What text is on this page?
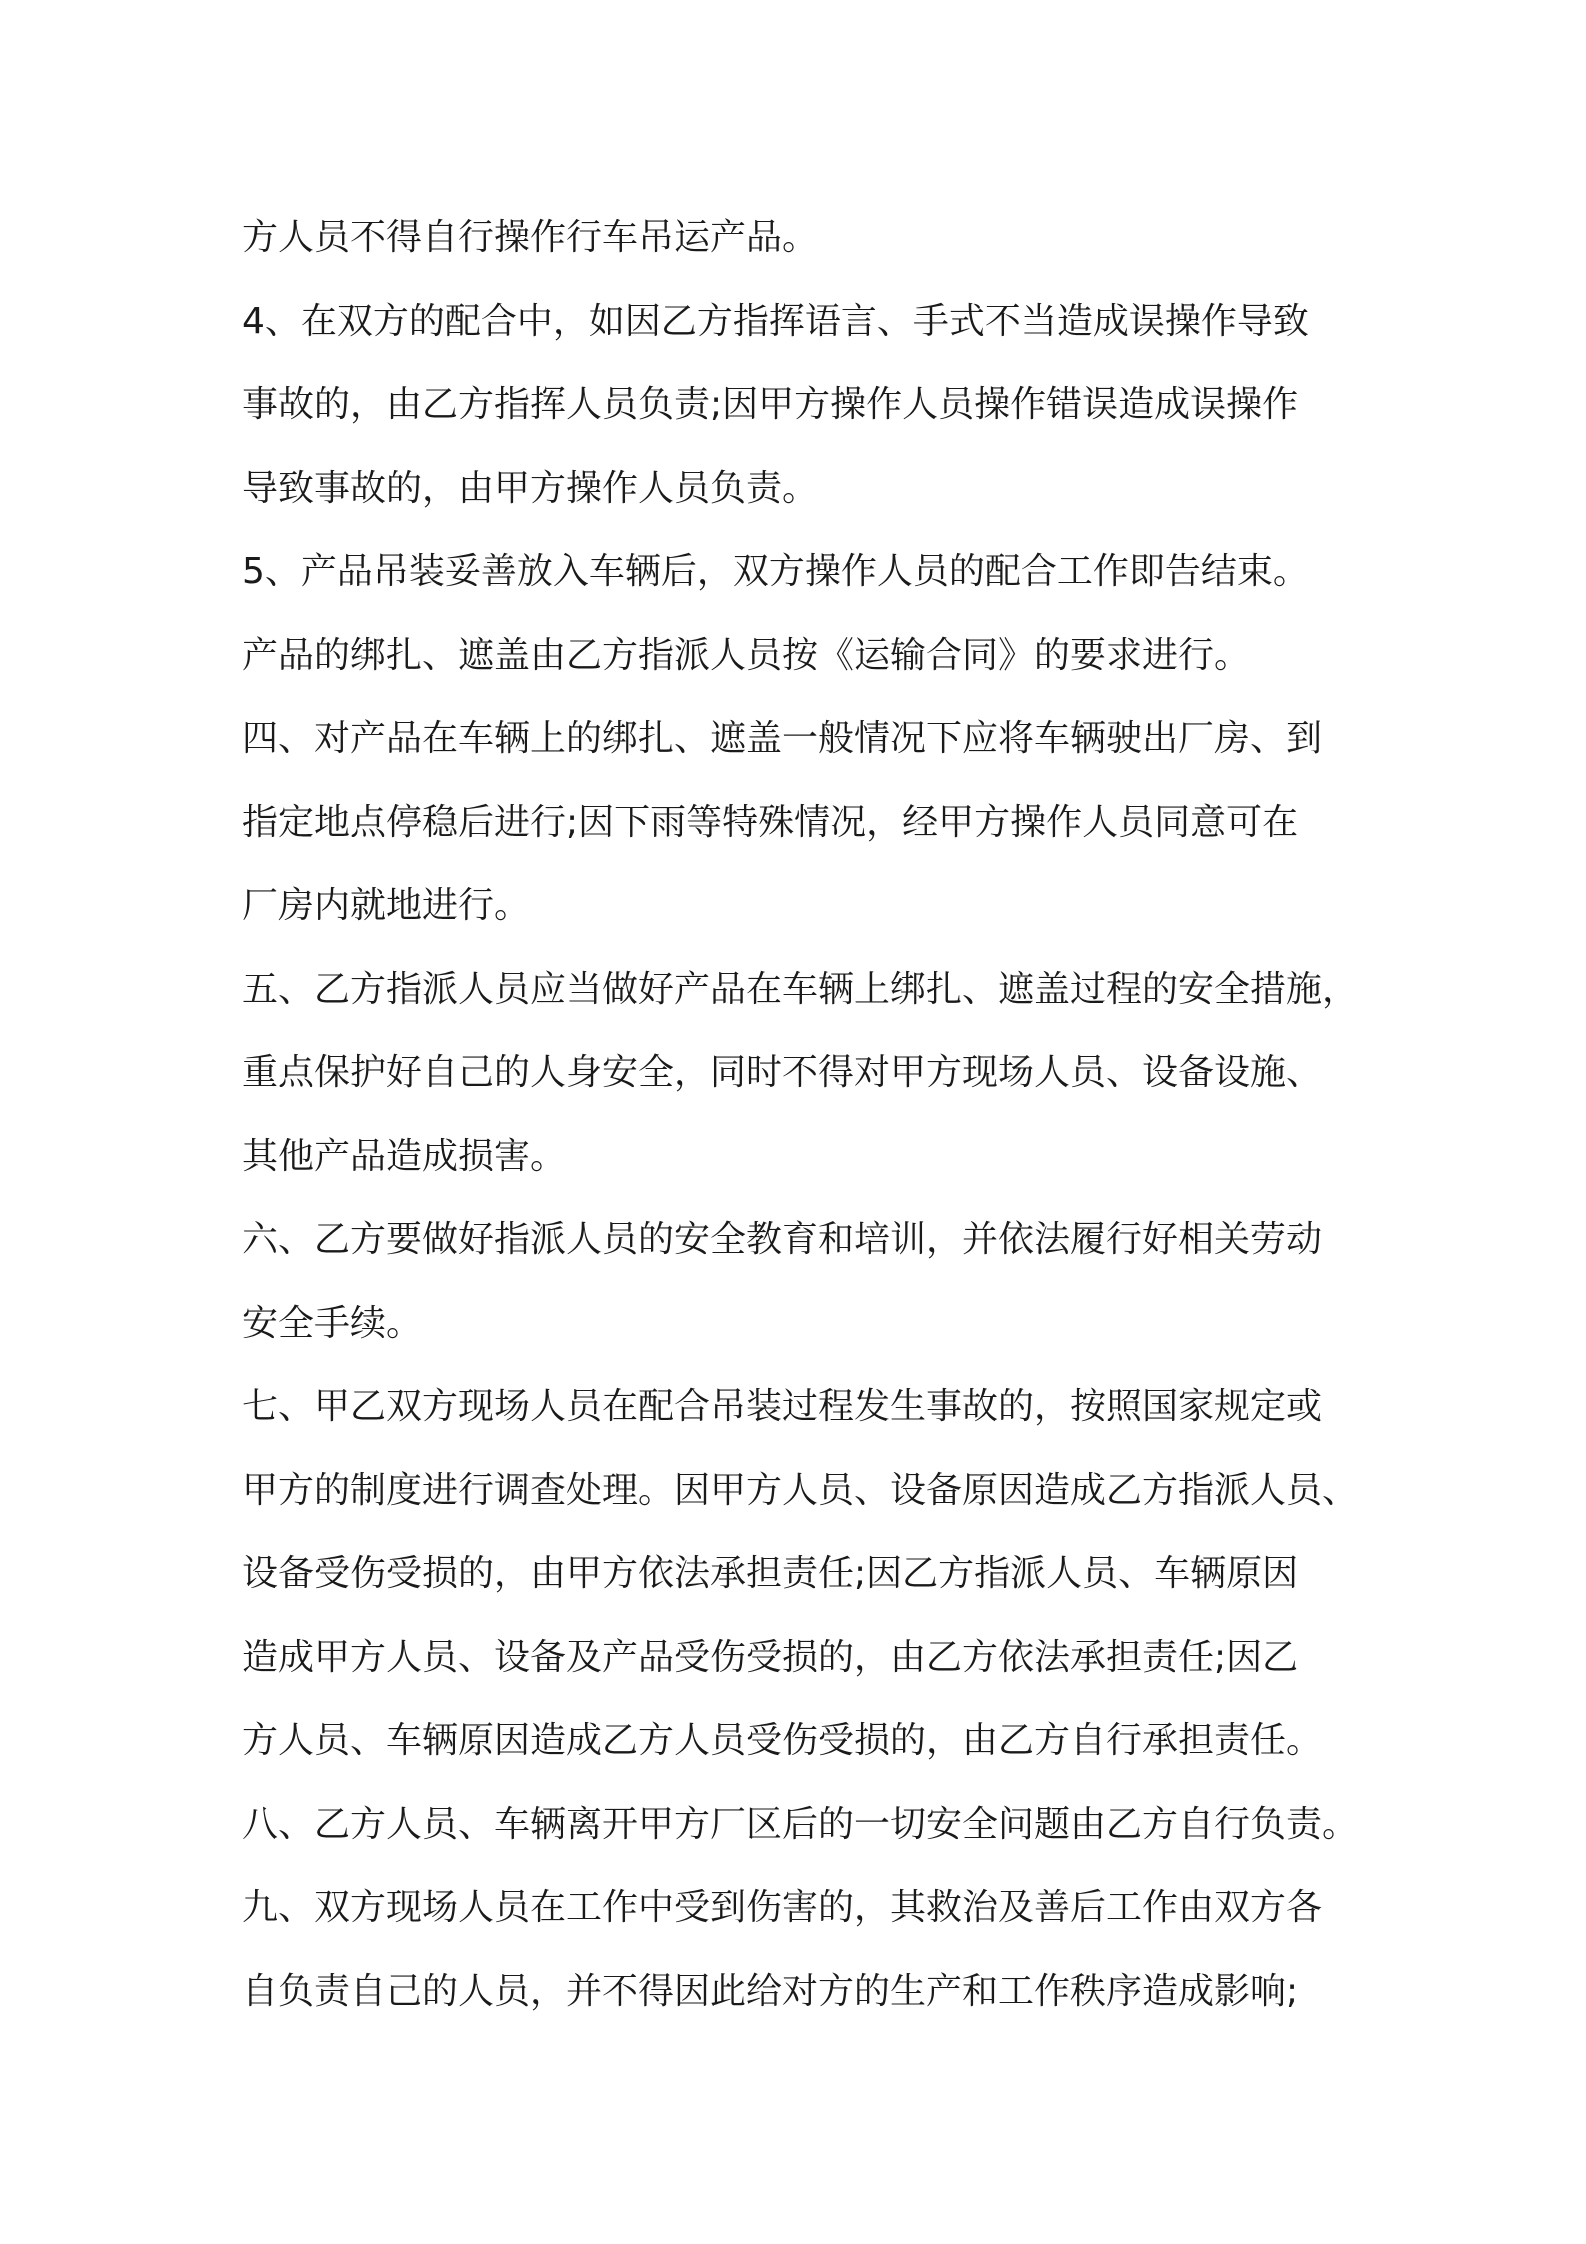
方人员不得自行操作行车吊运产品。
4、在双方的配合中，如因乙方指挥语言、手式不当造成误操作导致
事故的，由乙方指挥人员负责;因甲方操作人员操作错误造成误操作
导致事故的，由甲方操作人员负责。
5、产品吊装妥善放入车辆后，双方操作人员的配合工作即告结束。
产品的绑扎、遮盖由乙方指派人员按《运输合同》的要求进行。
四、对产品在车辆上的绑扎、遮盖一般情况下应将车辆驶出厂房、到
指定地点停稳后进行;因下雨等特殊情况，经甲方操作人员同意可在
厂房内就地进行。
五、乙方指派人员应当做好产品在车辆上绑扎、遮盖过程的安全措施，
重点保护好自己的人身安全，同时不得对甲方现场人员、设备设施、
其他产品造成损害。
六、乙方要做好指派人员的安全教育和培训，并依法履行好相关劳动
安全手续。
七、甲乙双方现场人员在配合吊装过程发生事故的，按照国家规定或
甲方的制度进行调查处理。因甲方人员、设备原因造成乙方指派人员、
设备受伤受损的，由甲方依法承担责任;因乙方指派人员、车辆原因
造成甲方人员、设备及产品受伤受损的，由乙方依法承担责任;因乙
方人员、车辆原因造成乙方人员受伤受损的，由乙方自行承担责任。
八、乙方人员、车辆离开甲方厂区后的一切安全问题由乙方自行负责。
九、双方现场人员在工作中受到伤害的，其救治及善后工作由双方各
自负责自己的人员，并不得因此给对方的生产和工作秩序造成影响;
